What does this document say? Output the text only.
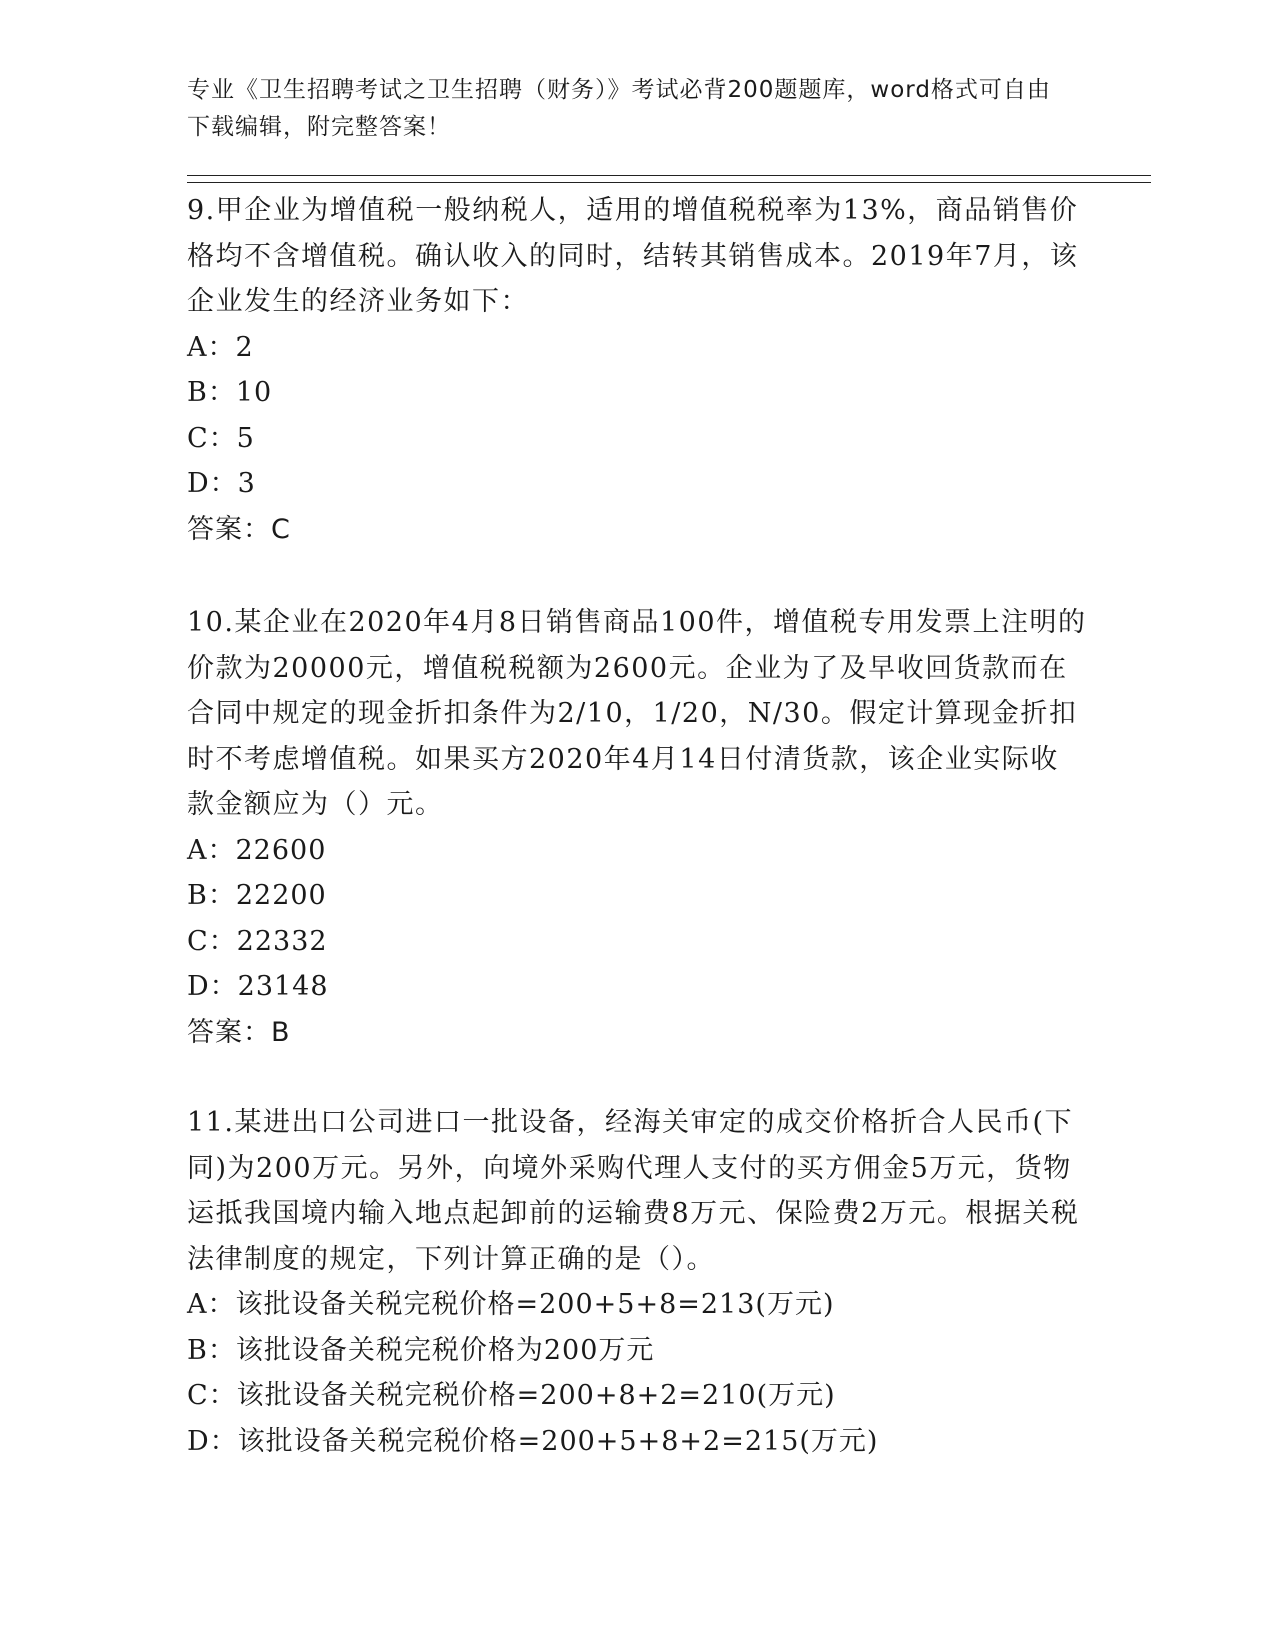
专业《卫生招聘考试之卫生招聘（财务）》考试必背200题题库，word格式可自由下载编辑，附完整答案！

9.甲企业为增值税一般纳税人，适用的增值税税率为13%，商品销售价格均不含增值税。确认收入的同时，结转其销售成本。2019年7月，该企业发生的经济业务如下：

A：2

B：10

C：5

D：3

答案：C

10.某企业在2020年4月8日销售商品100件，增值税专用发票上注明的价款为20000元，增值税税额为2600元。企业为了及早收回货款而在合同中规定的现金折扣条件为2/10，1/20，N/30。假定计算现金折扣时不考虑增值税。如果买方2020年4月14日付清货款，该企业实际收款金额应为（）元。

A：22600

B：22200

C：22332

D：23148

答案：B

11.某进出口公司进口一批设备，经海关审定的成交价格折合人民币(下同)为200万元。另外，向境外采购代理人支付的买方佣金5万元，货物运抵我国境内输入地点起卸前的运输费8万元、保险费2万元。根据关税法律制度的规定，下列计算正确的是（）。

A：该批设备关税完税价格=200+5+8=213(万元)

B：该批设备关税完税价格为200万元

C：该批设备关税完税价格=200+8+2=210(万元)

D：该批设备关税完税价格=200+5+8+2=215(万元)
